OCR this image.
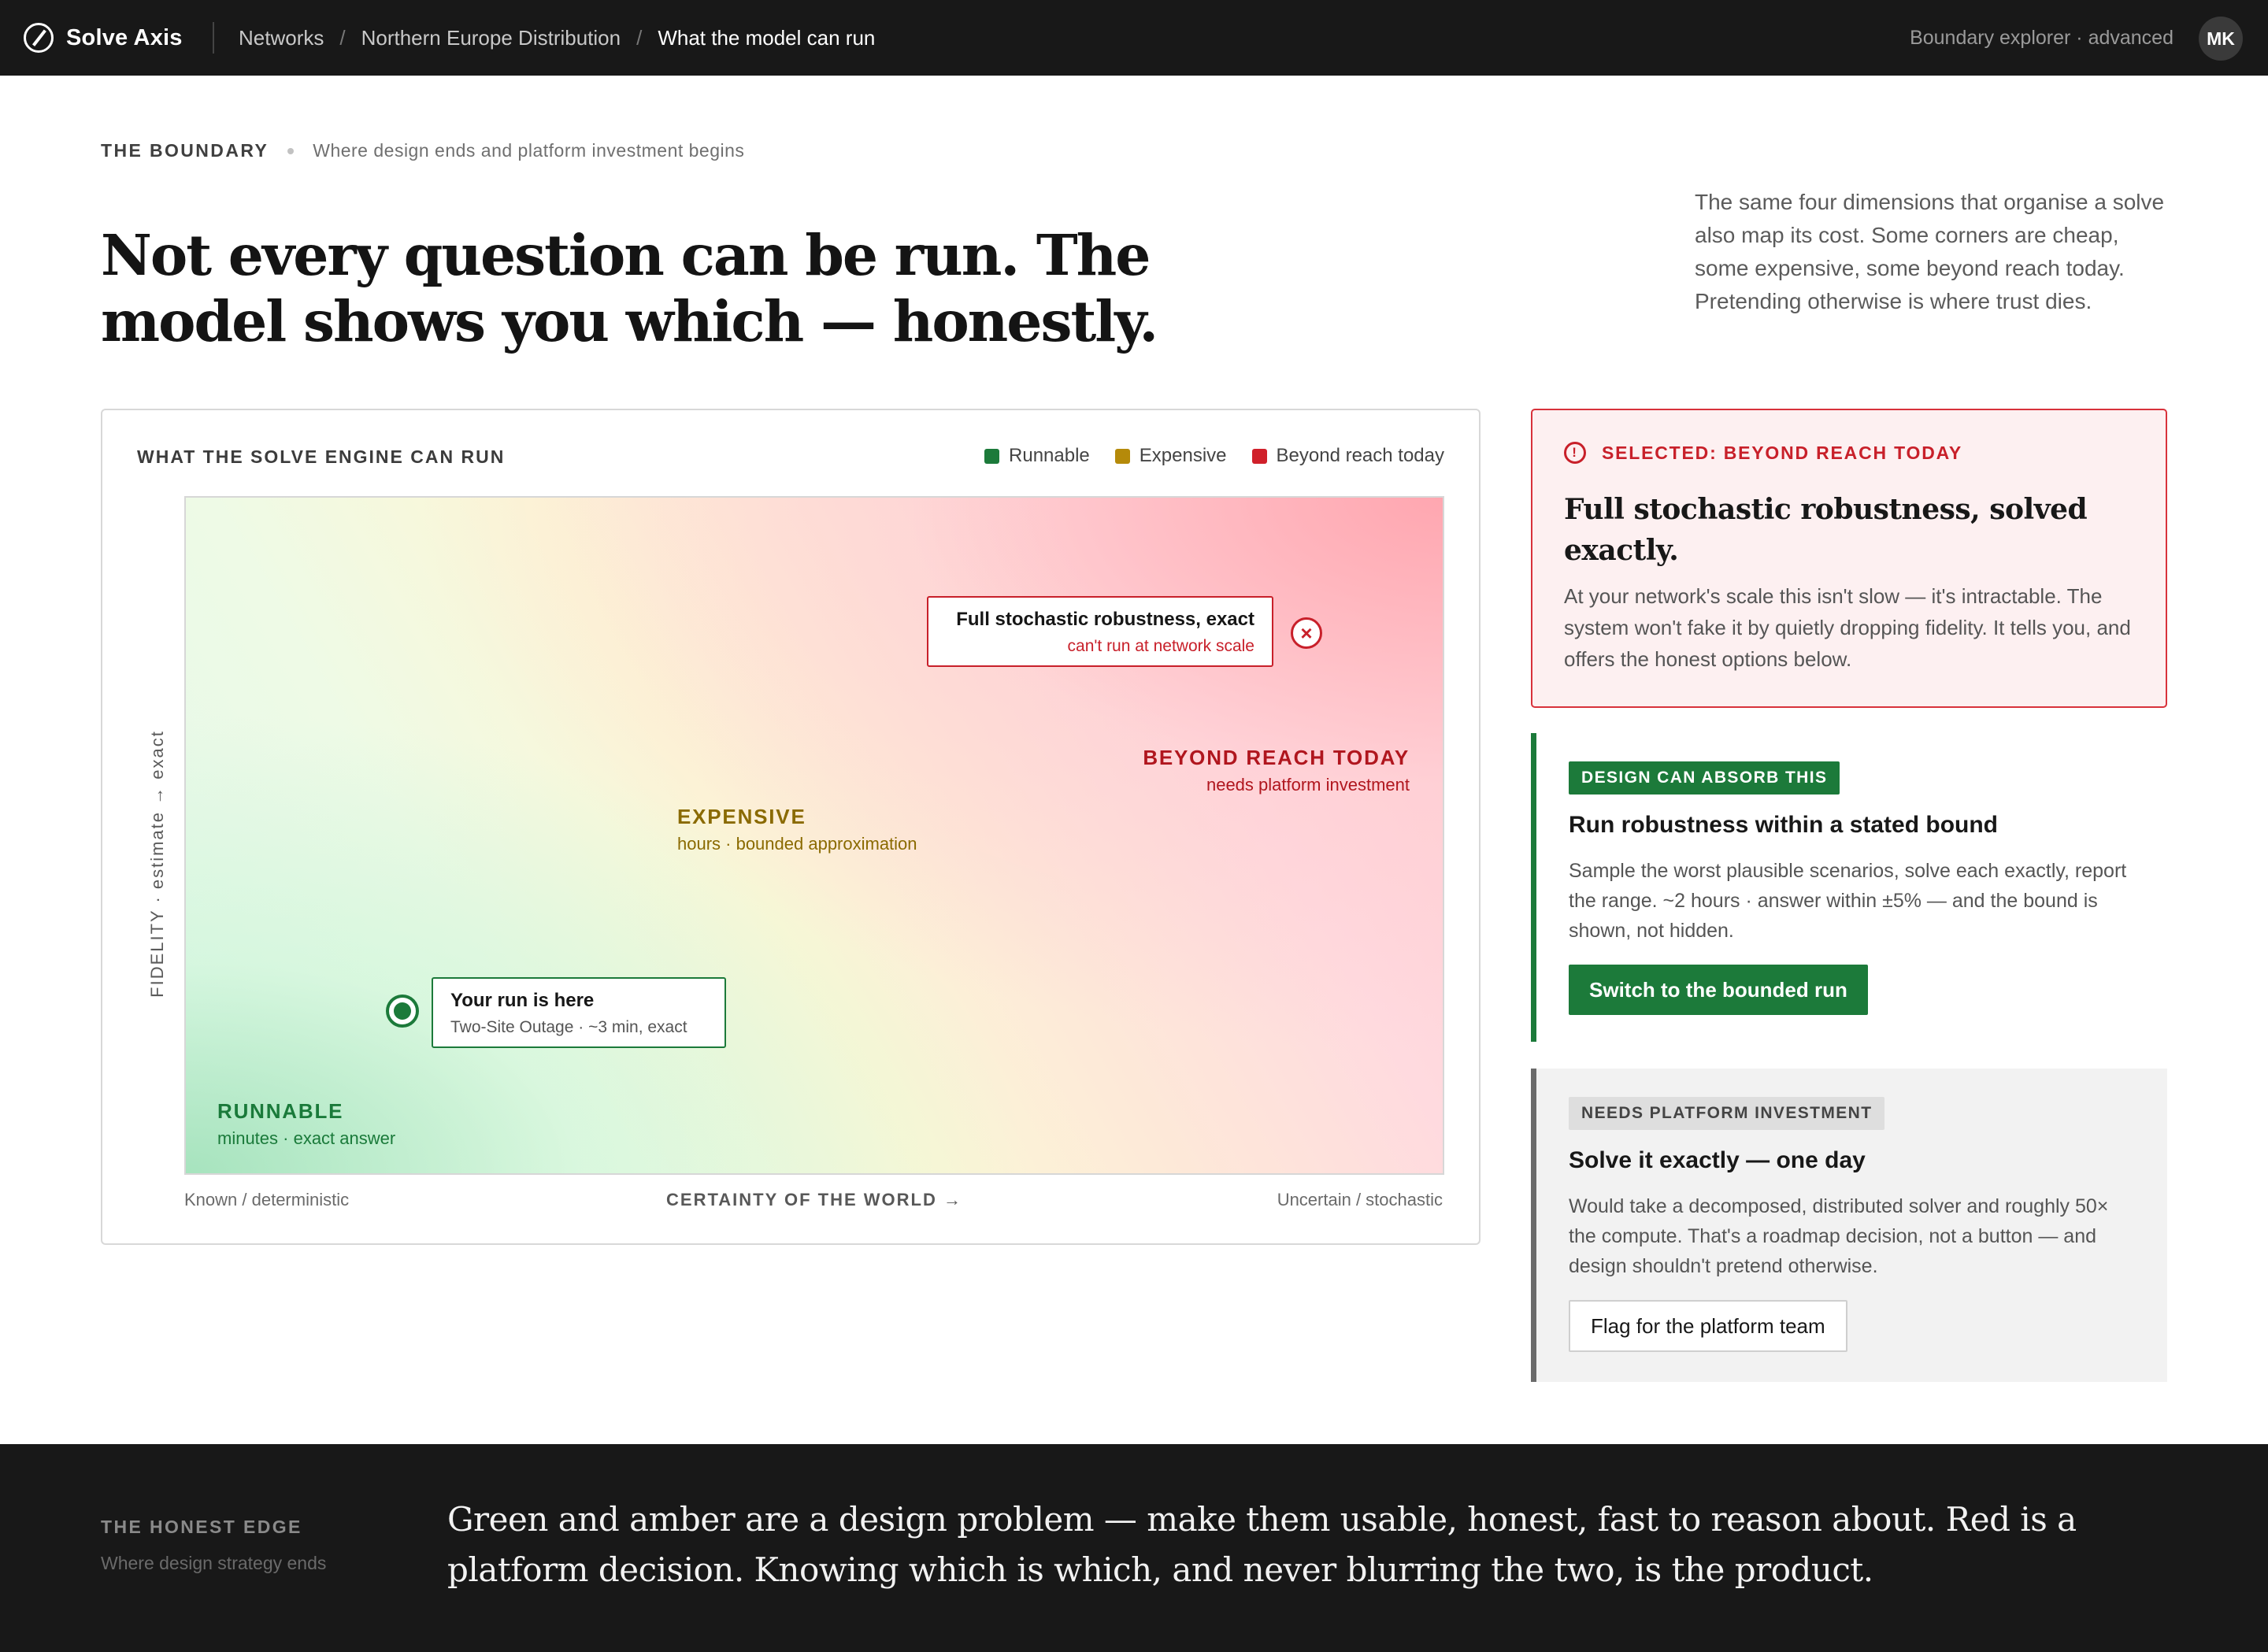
Solve Axis	Networks / Northern Europe Distribution / What the model can run	Boundary explorer · advanced	MK
THE BOUNDARY Where design ends and platform investment begins
Not every question can be run. The model shows you which — honestly.

The same four dimensions that organise a solve also map its cost. Some corners are cheap, some expensive, some beyond reach today. Pretending otherwise is where trust dies.

WHAT THE SOLVE ENGINE CAN RUN	Runnable	Expensive	Beyond reach today
FIDELITY · estimate → exact	BEYOND REACH TODAY
needs platform investment
EXPENSIVE
hours · bounded approximation
RUNNABLE
minutes · exact answer
Full stochastic robustness, exact
can't run at network scale
×
Your run is here
Two-Site Outage · ~3 min, exact
Known / deterministic	CERTAINTY OF THE WORLD →	Uncertain / stochastic
!	SELECTED: BEYOND REACH TODAY
Full stochastic robustness, solved exactly.

At your network's scale this isn't slow — it's intractable. The system won't fake it by quietly dropping fidelity. It tells you, and offers the honest options below.

DESIGN CAN ABSORB THIS
Run robustness within a stated bound

Sample the worst plausible scenarios, solve each exactly, report the range. ~2 hours · answer within ±5% — and the bound is shown, not hidden.

Switch to the bounded run
NEEDS PLATFORM INVESTMENT
Solve it exactly — one day

Would take a decomposed, distributed solver and roughly 50× the compute. That's a roadmap decision, not a button — and design shouldn't pretend otherwise.

Flag for the platform team
THE HONEST EDGE
Where design strategy ends

Green and amber are a design problem — make them usable, honest, fast to reason about. Red is a platform decision. Knowing which is which, and never blurring the two, is the product.
